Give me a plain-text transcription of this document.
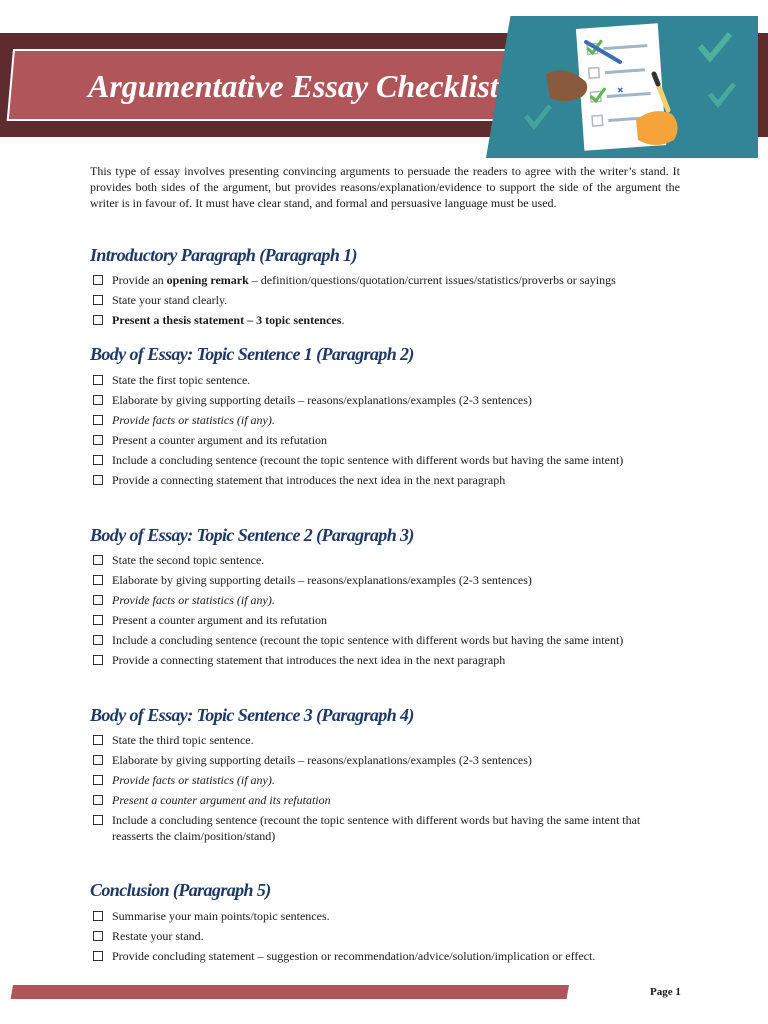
Argumentative Essay Checklist

This type of essay involves presenting convincing arguments to persuade the readers to agree with the writer’s stand. It provides both sides of the argument, but provides reasons/explanation/evidence to support the side of the argument the writer is in favour of. It must have clear stand, and formal and persuasive language must be used.

Introductory Paragraph (Paragraph 1)
Provide an opening remark – definition/questions/quotation/current issues/statistics/proverbs or sayings
State your stand clearly.
Present a thesis statement – 3 topic sentences.
Body of Essay: Topic Sentence 1 (Paragraph 2)
State the first topic sentence.
Elaborate by giving supporting details – reasons/explanations/examples (2-3 sentences)
Provide facts or statistics (if any).
Present a counter argument and its refutation
Include a concluding sentence (recount the topic sentence with different words but having the same intent)
Provide a connecting statement that introduces the next idea in the next paragraph
Body of Essay: Topic Sentence 2 (Paragraph 3)
State the second topic sentence.
Elaborate by giving supporting details – reasons/explanations/examples (2-3 sentences)
Provide facts or statistics (if any).
Present a counter argument and its refutation
Include a concluding sentence (recount the topic sentence with different words but having the same intent)
Provide a connecting statement that introduces the next idea in the next paragraph
Body of Essay: Topic Sentence 3 (Paragraph 4)
State the third topic sentence.
Elaborate by giving supporting details – reasons/explanations/examples (2-3 sentences)
Provide facts or statistics (if any).
Present a counter argument and its refutation
Include a concluding sentence (recount the topic sentence with different words but having the same intent that reasserts the claim/position/stand)
Conclusion (Paragraph 5)
Summarise your main points/topic sentences.
Restate your stand.
Provide concluding statement – suggestion or recommendation/advice/solution/implication or effect.
Page 1
